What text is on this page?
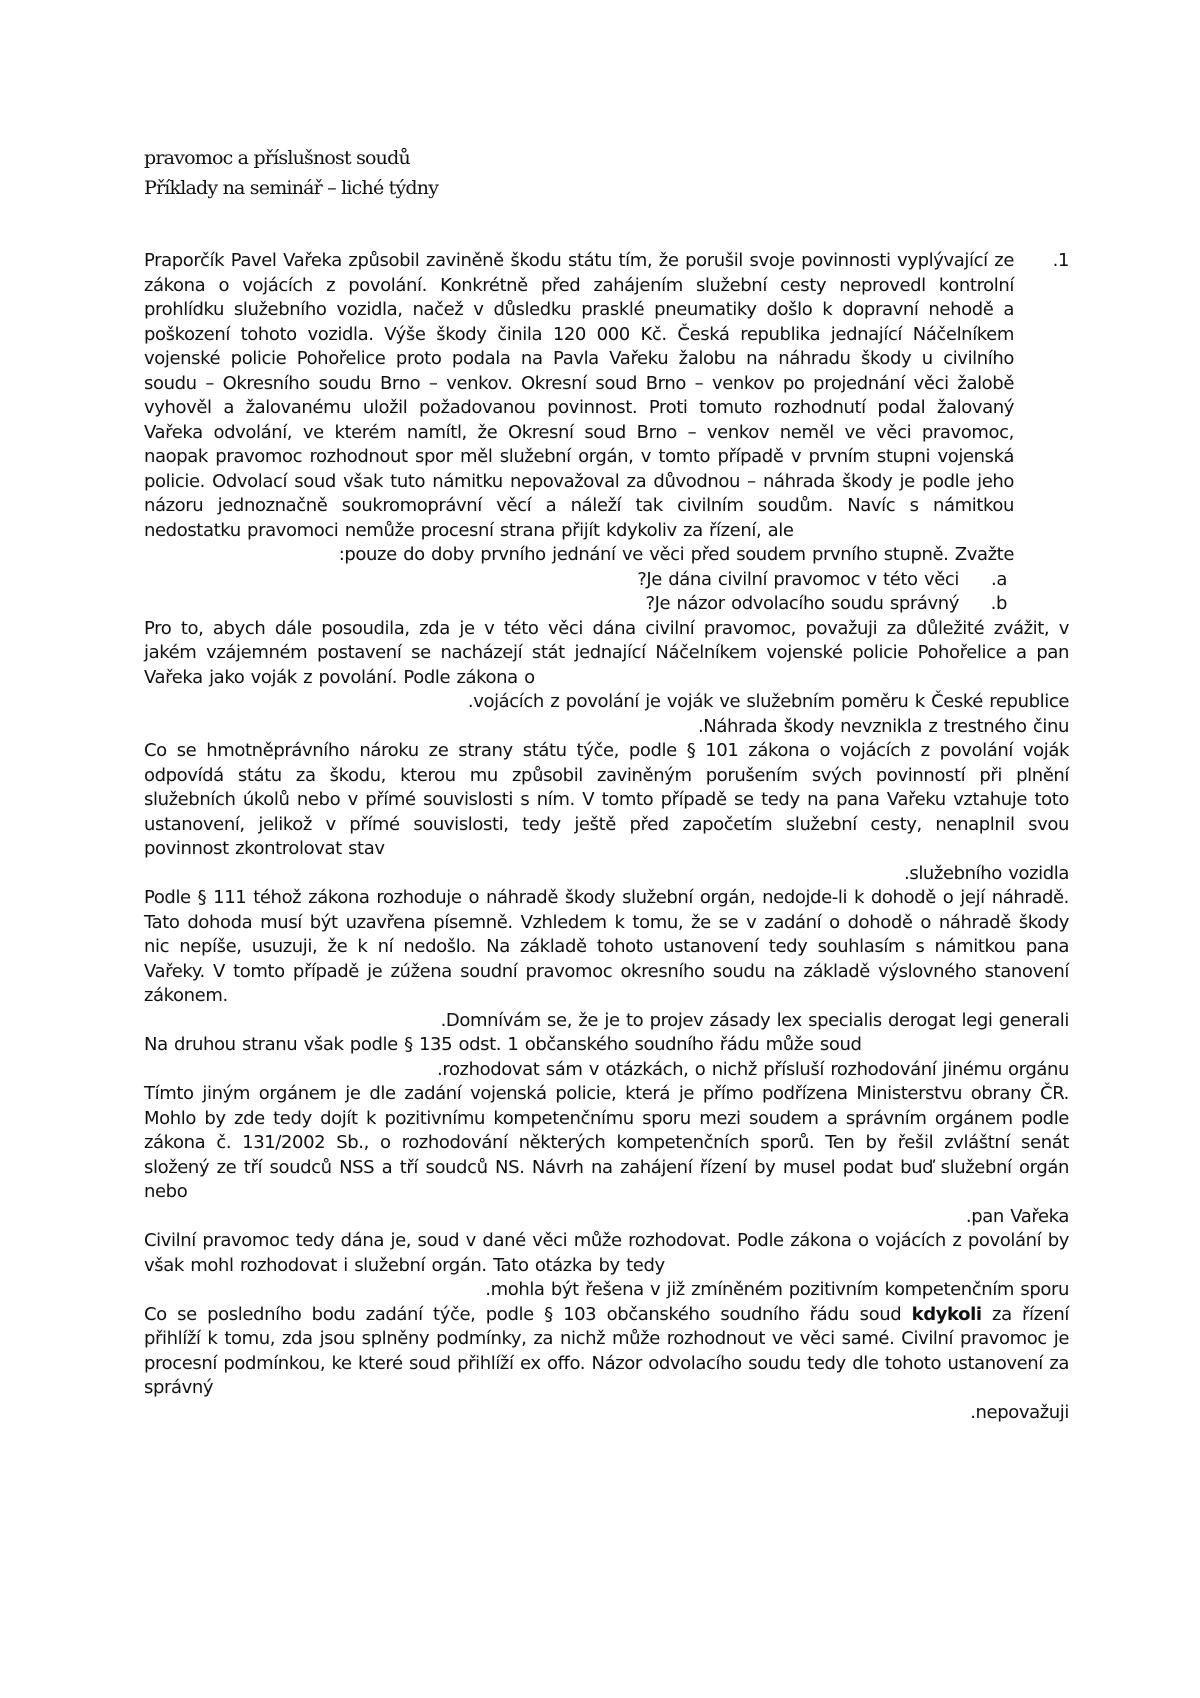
pravomoc a příslušnost soudů
Příklady na seminář – liché týdny
.1

Praporčík Pavel Vařeka způsobil zaviněně škodu státu tím, že porušil svoje povinnosti vyplývající ze zákona o vojácích z povolání. Konkrétně před zahájením služební cesty neprovedl kontrolní prohlídku služebního vozidla, načež v důsledku prasklé pneumatiky došlo k dopravní nehodě a poškození tohoto vozidla. Výše škody činila 120 000 Kč. Česká republika jednající Náčelníkem vojenské policie Pohořelice proto podala na Pavla Vařeku žalobu na náhradu škody u civilního soudu – Okresního soudu Brno – venkov. Okresní soud Brno – venkov po projednání věci žalobě vyhověl a žalovanému uložil požadovanou povinnost. Proti tomuto rozhodnutí podal žalovaný Vařeka odvolání, ve kterém namítl, že Okresní soud Brno – venkov neměl ve věci pravomoc, naopak pravomoc rozhodnout spor měl služební orgán, v tomto případě v prvním stupni vojenská policie. Odvolací soud však tuto námitku nepovažoval za důvodnou – náhrada škody je podle jeho názoru jednoznačně soukromoprávní věcí a náleží tak civilním soudům. Navíc s námitkou nedostatku pravomoci nemůže procesní strana přijít kdykoliv za řízení, ale

:pouze do doby prvního jednání ve věci před soudem prvního stupně. Zvažte

?Je dána civilní pravomoc v této věci .a
?Je názor odvolacího soudu správný .b

Pro to, abych dále posoudila, zda je v této věci dána civilní pravomoc, považuji za důležité zvážit, v jakém vzájemném postavení se nacházejí stát jednající Náčelníkem vojenské policie Pohořelice a pan Vařeka jako voják z povolání. Podle zákona o

.vojácích z povolání je voják ve služebním poměru k České republice

.Náhrada škody nevznikla z trestného činu

Co se hmotněprávního nároku ze strany státu týče, podle § 101 zákona o vojácích z povolání voják odpovídá státu za škodu, kterou mu způsobil zaviněným porušením svých povinností při plnění služebních úkolů nebo v přímé souvislosti s ním. V tomto případě se tedy na pana Vařeku vztahuje toto ustanovení, jelikož v přímé souvislosti, tedy ještě před započetím služební cesty, nenaplnil svou povinnost zkontrolovat stav

.služebního vozidla

Podle § 111 téhož zákona rozhoduje o náhradě škody služební orgán, nedojde-li k dohodě o její náhradě. Tato dohoda musí být uzavřena písemně. Vzhledem k tomu, že se v zadání o dohodě o náhradě škody nic nepíše, usuzuji, že k ní nedošlo. Na základě tohoto ustanovení tedy souhlasím s námitkou pana Vařeky. V tomto případě je zúžena soudní pravomoc okresního soudu na základě výslovného stanovení zákonem.

.Domnívám se, že je to projev zásady lex specialis derogat legi generali

Na druhou stranu však podle § 135 odst. 1 občanského soudního řádu může soud

.rozhodovat sám v otázkách, o nichž přísluší rozhodování jinému orgánu

Tímto jiným orgánem je dle zadání vojenská policie, která je přímo podřízena Ministerstvu obrany ČR. Mohlo by zde tedy dojít k pozitivnímu kompetenčnímu sporu mezi soudem a správním orgánem podle zákona č. 131/2002 Sb., o rozhodování některých kompetenčních sporů. Ten by řešil zvláštní senát složený ze tří soudců NSS a tří soudců NS. Návrh na zahájení řízení by musel podat buď služební orgán nebo

.pan Vařeka

Civilní pravomoc tedy dána je, soud v dané věci může rozhodovat. Podle zákona o vojácích z povolání by však mohl rozhodovat i služební orgán. Tato otázka by tedy

.mohla být řešena v již zmíněném pozitivním kompetenčním sporu

Co se posledního bodu zadání týče, podle § 103 občanského soudního řádu soud kdykoli za řízení přihlíží k tomu, zda jsou splněny podmínky, za nichž může rozhodnout ve věci samé. Civilní pravomoc je procesní podmínkou, ke které soud přihlíží ex offo. Názor odvolacího soudu tedy dle tohoto ustanovení za správný

.nepovažuji
